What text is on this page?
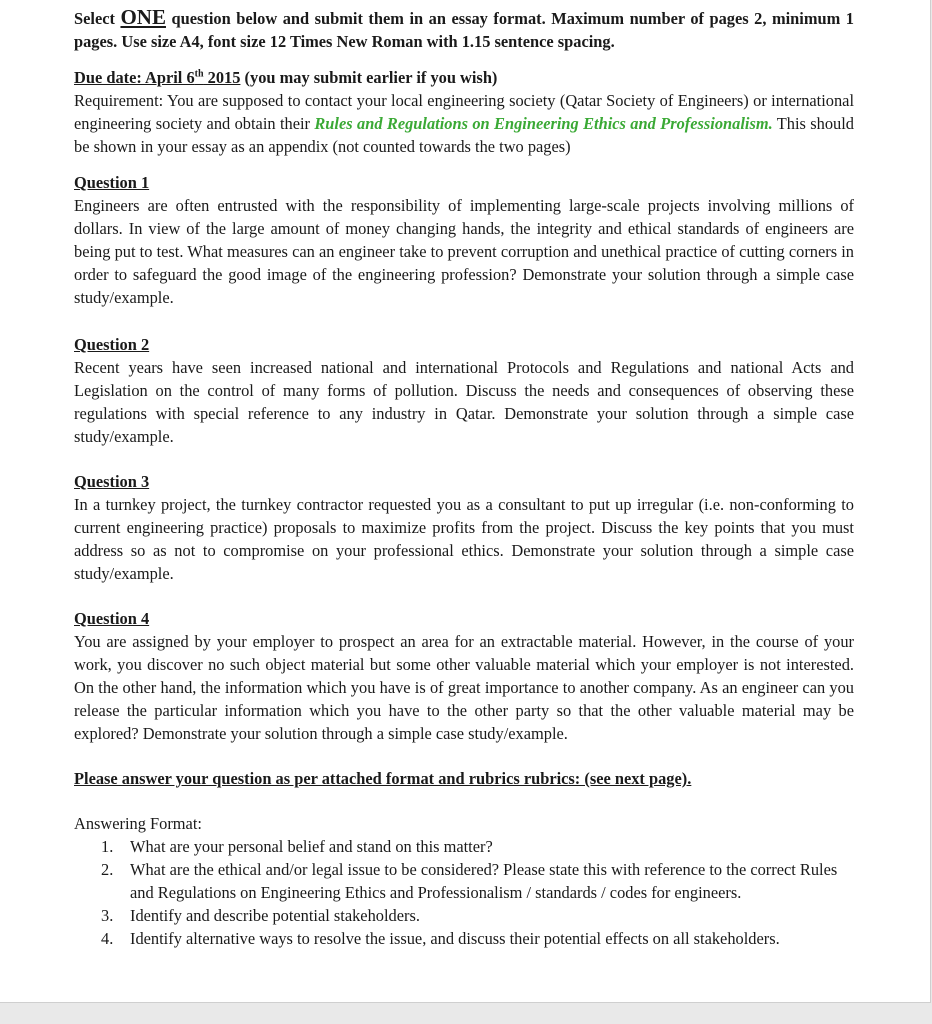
Select ONE question below and submit them in an essay format. Maximum number of pages 2, minimum 1 pages. Use size A4, font size 12 Times New Roman with 1.15 sentence spacing.

Due date: April 6th 2015 (you may submit earlier if you wish)

Requirement: You are supposed to contact your local engineering society (Qatar Society of Engineers) or international engineering society and obtain their Rules and Regulations on Engineering Ethics and Professionalism. This should be shown in your essay as an appendix (not counted towards the two pages)

Question 1

Engineers are often entrusted with the responsibility of implementing large-scale projects involving millions of dollars. In view of the large amount of money changing hands, the integrity and ethical standards of engineers are being put to test. What measures can an engineer take to prevent corruption and unethical practice of cutting corners in order to safeguard the good image of the engineering profession? Demonstrate your solution through a simple case study/example.

Question 2

Recent years have seen increased national and international Protocols and Regulations and national Acts and Legislation on the control of many forms of pollution. Discuss the needs and consequences of observing these regulations with special reference to any industry in Qatar. Demonstrate your solution through a simple case study/example.

Question 3

In a turnkey project, the turnkey contractor requested you as a consultant to put up irregular (i.e. non-conforming to current engineering practice) proposals to maximize profits from the project. Discuss the key points that you must address so as not to compromise on your professional ethics. Demonstrate your solution through a simple case study/example.

Question 4

You are assigned by your employer to prospect an area for an extractable material. However, in the course of your work, you discover no such object material but some other valuable material which your employer is not interested. On the other hand, the information which you have is of great importance to another company. As an engineer can you release the particular information which you have to the other party so that the other valuable material may be explored? Demonstrate your solution through a simple case study/example.

Please answer your question as per attached format and rubrics rubrics: (see next page).

Answering Format:

1. What are your personal belief and stand on this matter?
2. What are the ethical and/or legal issue to be considered? Please state this with reference to the correct Rules and Regulations on Engineering Ethics and Professionalism / standards / codes for engineers.
3. Identify and describe potential stakeholders.
4. Identify alternative ways to resolve the issue, and discuss their potential effects on all stakeholders.
